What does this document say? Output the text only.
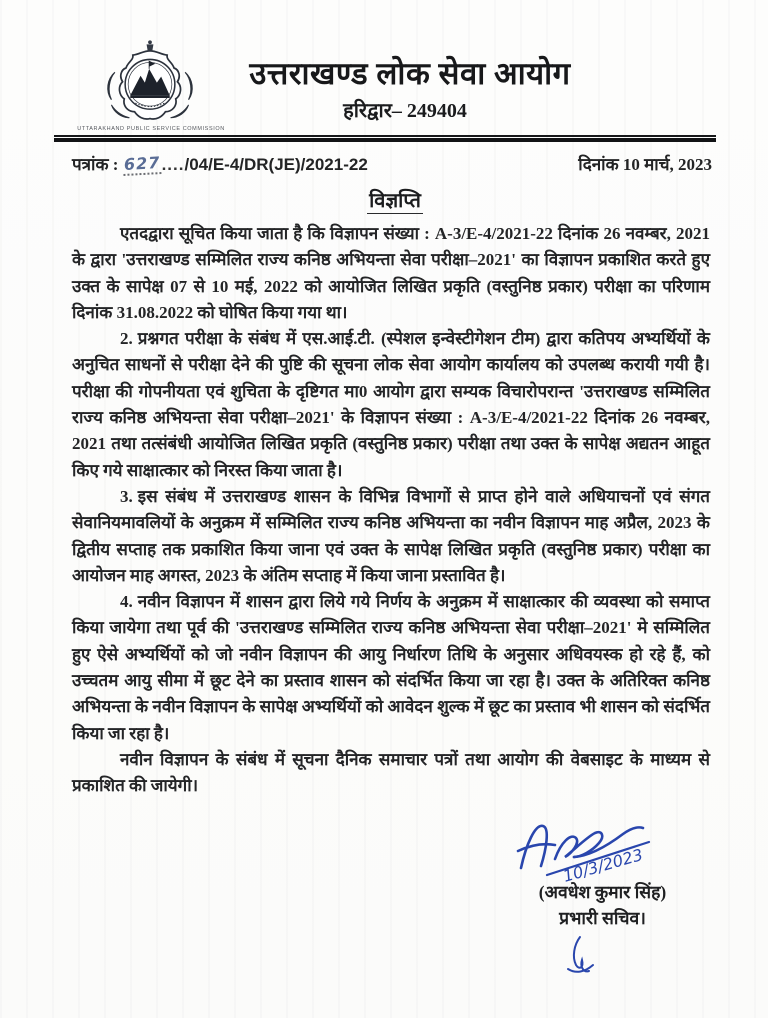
UTTARAKHAND PUBLIC SERVICE COMMISSION
उत्तराखण्ड लोक सेवा आयोग
हरिद्वार– 249404
पत्रांक : 627..../04/E-4/DR(JE)/2021-22	दिनांक 10 मार्च, 2023
विज्ञप्ति

एतदद्वारा सूचित किया जाता है कि विज्ञापन संख्या : A-3/E-4/2021-22 दिनांक 26 नवम्बर, 2021 के द्वारा 'उत्तराखण्ड सम्मिलित राज्य कनिष्ठ अभियन्ता सेवा परीक्षा–2021' का विज्ञापन प्रकाशित करते हुए उक्त के सापेक्ष 07 से 10 मई, 2022 को आयोजित लिखित प्रकृति (वस्तुनिष्ठ प्रकार) परीक्षा का परिणाम दिनांक 31.08.2022 को घोषित किया गया था।

2. प्रश्नगत परीक्षा के संबंध में एस.आई.टी. (स्पेशल इन्वेस्टीगेशन टीम) द्वारा कतिपय अभ्यर्थियों के अनुचित साधनों से परीक्षा देने की पुष्टि की सूचना लोक सेवा आयोग कार्यालय को उपलब्ध करायी गयी है। परीक्षा की गोपनीयता एवं शुचिता के दृष्टिगत मा0 आयोग द्वारा सम्यक विचारोपरान्त 'उत्तराखण्ड सम्मिलित राज्य कनिष्ठ अभियन्ता सेवा परीक्षा–2021' के विज्ञापन संख्या : A-3/E-4/2021-22 दिनांक 26 नवम्बर, 2021 तथा तत्संबंधी आयोजित लिखित प्रकृति (वस्तुनिष्ठ प्रकार) परीक्षा तथा उक्त के सापेक्ष अद्यतन आहूत किए गये साक्षात्कार को निरस्त किया जाता है।

3. इस संबंध में उत्तराखण्ड शासन के विभिन्न विभागों से प्राप्त होने वाले अधियाचनों एवं संगत सेवानियमावलियों के अनुक्रम में सम्मिलित राज्य कनिष्ठ अभियन्ता का नवीन विज्ञापन माह अप्रैल, 2023 के द्वितीय सप्ताह तक प्रकाशित किया जाना एवं उक्त के सापेक्ष लिखित प्रकृति (वस्तुनिष्ठ प्रकार) परीक्षा का आयोजन माह अगस्त, 2023 के अंतिम सप्ताह में किया जाना प्रस्तावित है।

4. नवीन विज्ञापन में शासन द्वारा लिये गये निर्णय के अनुक्रम में साक्षात्कार की व्यवस्था को समाप्त किया जायेगा तथा पूर्व की 'उत्तराखण्ड सम्मिलित राज्य कनिष्ठ अभियन्ता सेवा परीक्षा–2021' मे सम्मिलित हुए ऐसे अभ्यर्थियों को जो नवीन विज्ञापन की आयु निर्धारण तिथि के अनुसार अधिवयस्क हो रहे हैं, को उच्चतम आयु सीमा में छूट देने का प्रस्ताव शासन को संदर्भित किया जा रहा है। उक्त के अतिरिक्त कनिष्ठ अभियन्ता के नवीन विज्ञापन के सापेक्ष अभ्यर्थियों को आवेदन शुल्क में छूट का प्रस्ताव भी शासन को संदर्भित किया जा रहा है।

नवीन विज्ञापन के संबंध में सूचना दैनिक समाचार पत्रों तथा आयोग की वेबसाइट के माध्यम से प्रकाशित की जायेगी।

10/3/2023
(अवधेश कुमार सिंह)
प्रभारी सचिव।
